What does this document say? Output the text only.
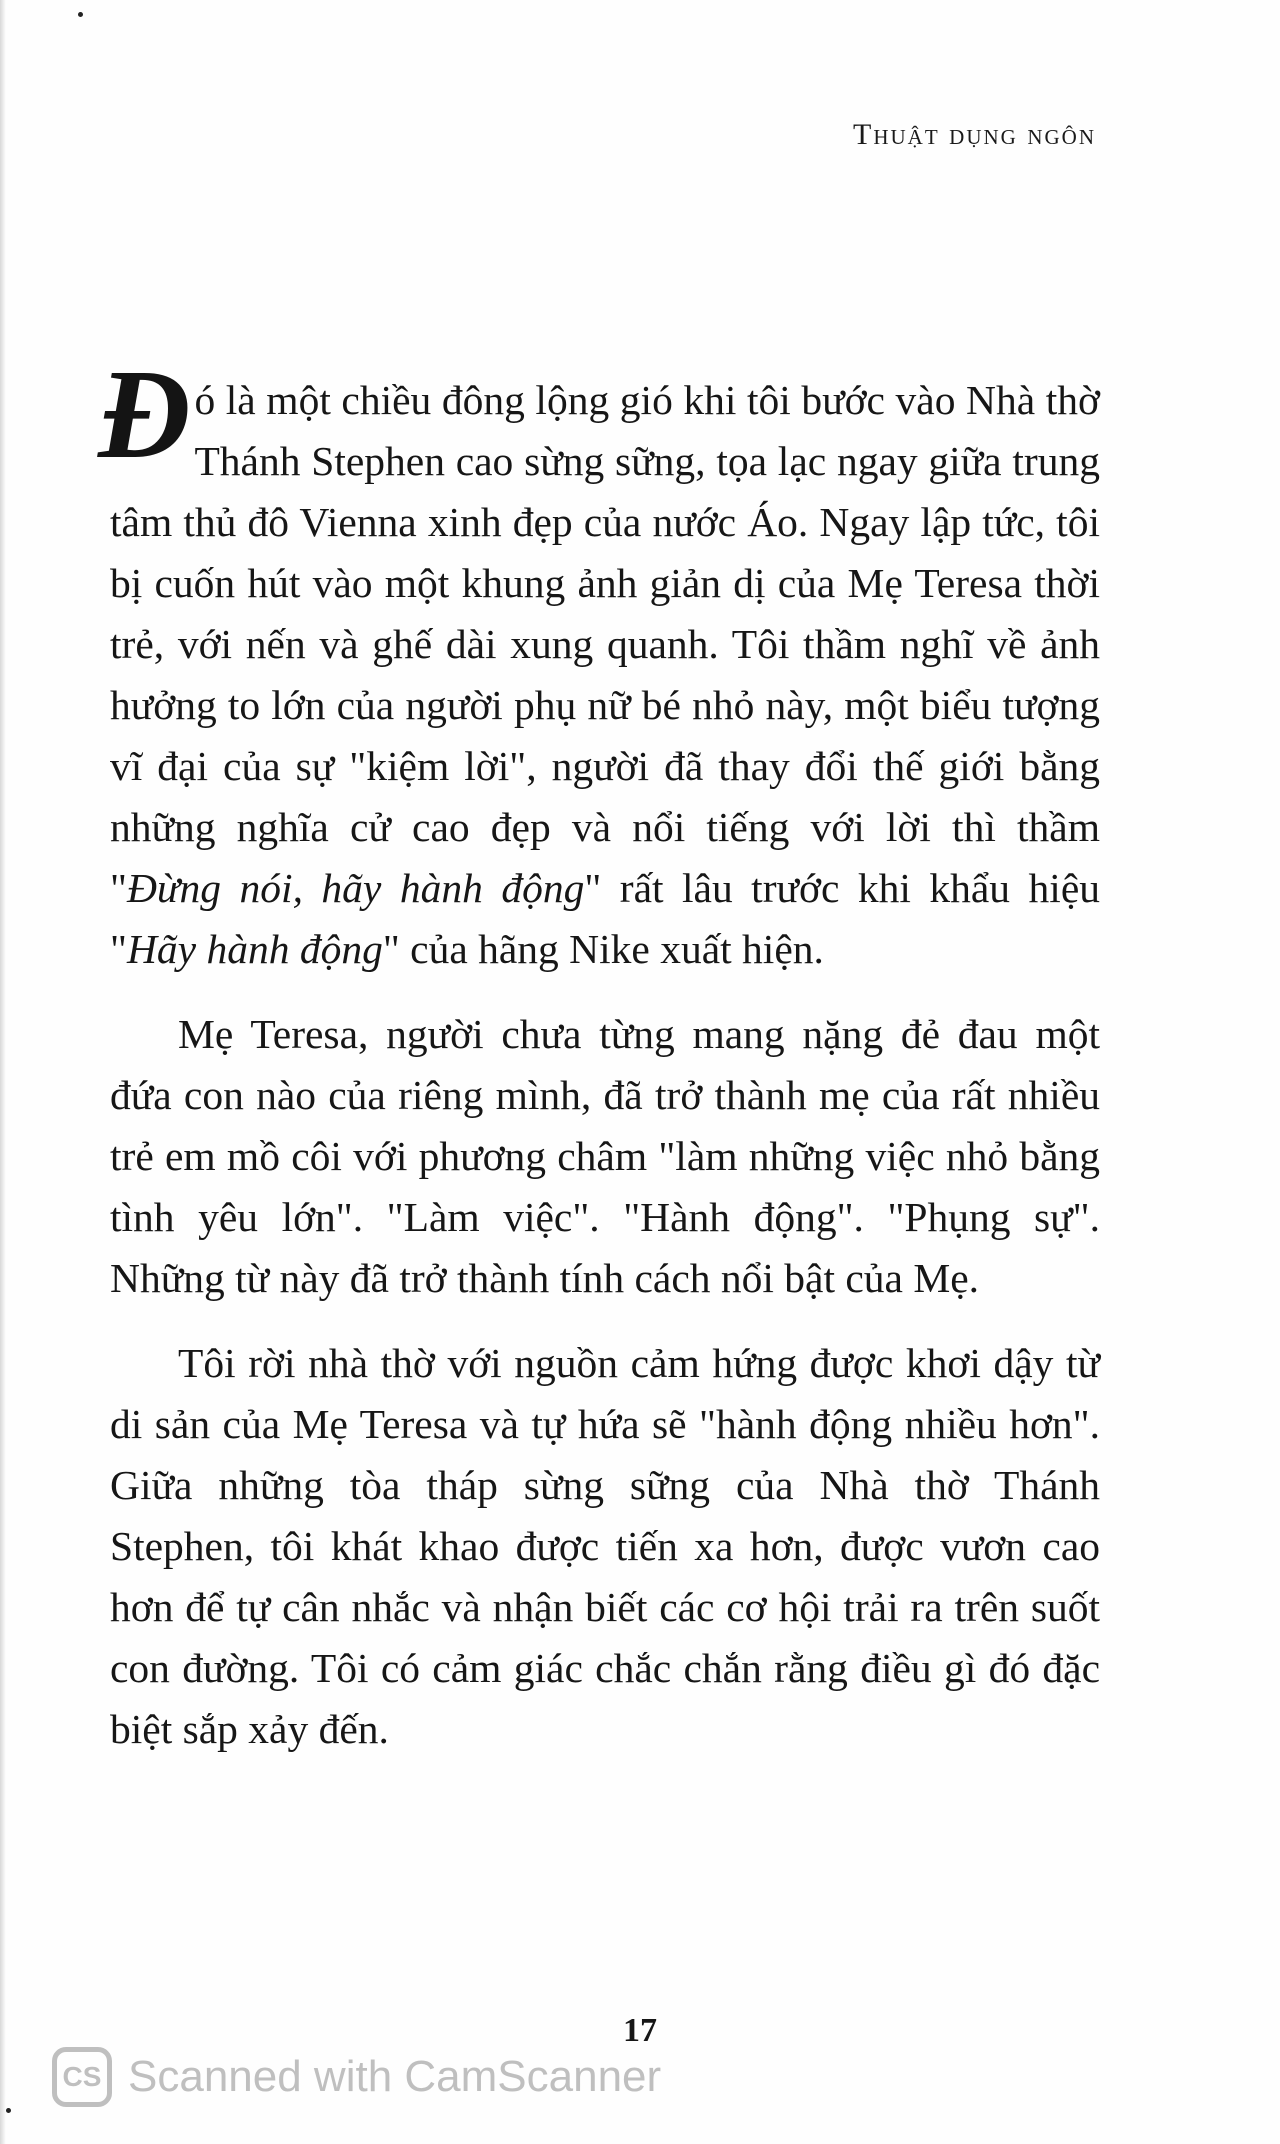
Thuật dụng ngôn

Đó là một chiều đông lộng gió khi tôi bước vào Nhà thờ Thánh Stephen cao sừng sững, tọa lạc ngay giữa trung tâm thủ đô Vienna xinh đẹp của nước Áo. Ngay lập tức, tôi bị cuốn hút vào một khung ảnh giản dị của Mẹ Teresa thời trẻ, với nến và ghế dài xung quanh. Tôi thầm nghĩ về ảnh hưởng to lớn của người phụ nữ bé nhỏ này, một biểu tượng vĩ đại của sự "kiệm lời", người đã thay đổi thế giới bằng những nghĩa cử cao đẹp và nổi tiếng với lời thì thầm "Đừng nói, hãy hành động" rất lâu trước khi khẩu hiệu "Hãy hành động" của hãng Nike xuất hiện.

Mẹ Teresa, người chưa từng mang nặng đẻ đau một đứa con nào của riêng mình, đã trở thành mẹ của rất nhiều trẻ em mồ côi với phương châm "làm những việc nhỏ bằng tình yêu lớn". "Làm việc". "Hành động". "Phụng sự". Những từ này đã trở thành tính cách nổi bật của Mẹ.

Tôi rời nhà thờ với nguồn cảm hứng được khơi dậy từ di sản của Mẹ Teresa và tự hứa sẽ "hành động nhiều hơn". Giữa những tòa tháp sừng sững của Nhà thờ Thánh Stephen, tôi khát khao được tiến xa hơn, được vươn cao hơn để tự cân nhắc và nhận biết các cơ hội trải ra trên suốt con đường. Tôi có cảm giác chắc chắn rằng điều gì đó đặc biệt sắp xảy đến.

17
CS Scanned with CamScanner
